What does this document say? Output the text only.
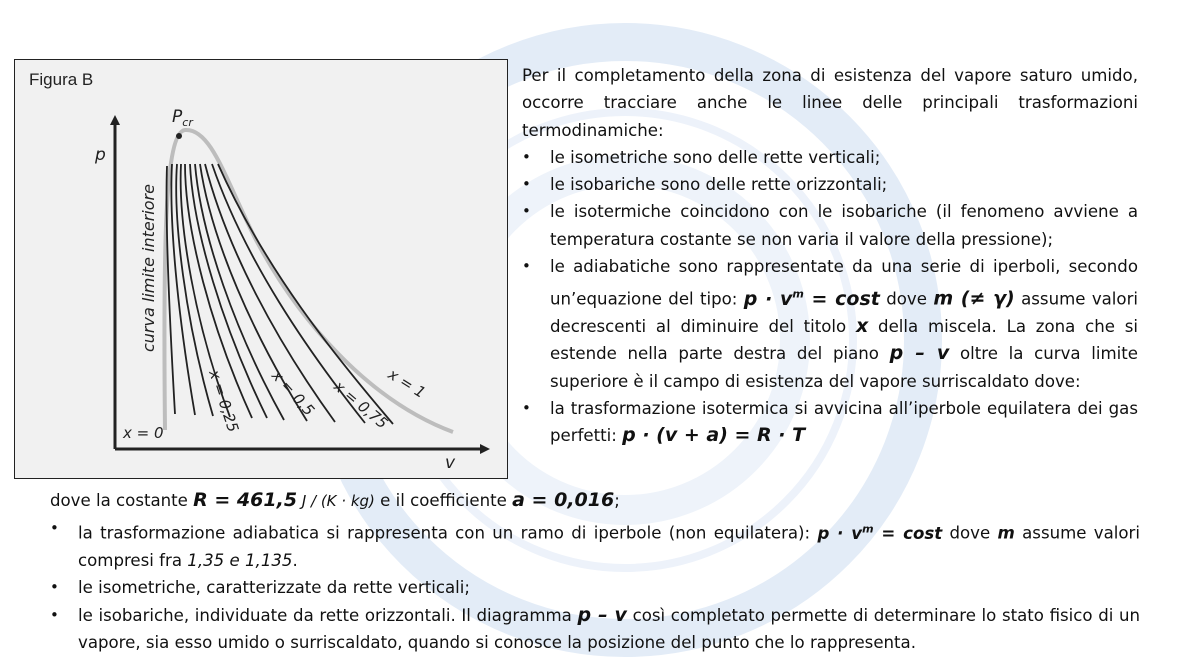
Figura B
$P_{cr}$
p
v
curva limite interiore
x = 0	x = 0,25 x = 0,5 x = 0,75
x = 1

Per il completamento della zona di esistenza del vapore saturo umido, occorre tracciare anche le linee delle principali trasformazioni termodinamiche:

• le isometriche sono delle rette verticali;
• le isobariche sono delle rette orizzontali;
• le isotermiche coincidono con le isobariche (il fenomeno avviene a temperatura costante se non varia il valore della pressione);
• le adiabatiche sono rappresentate da una serie di iperboli, secondo un’equazione del tipo: $p \cdot v^m = \cos t$ dove m (≠ γ) assume valori decrescenti al diminuire del titolo x della miscela. La zona che si estende nella parte destra del piano p – v oltre la curva limite superiore è il campo di esistenza del vapore surriscaldato dove:
• la trasformazione isotermica si avvicina all’iperbole equilatera dei gas perfetti: p · (v + a) = R · T

dove la costante R = 461,5 J / (K · kg) e il coefficiente a = 0,016;

• la trasformazione adiabatica si rappresenta con un ramo di iperbole (non equilatera): $p \cdot v^m = \cos t$ dove m assume valori compresi fra 1,35 e 1,135.
• le isometriche, caratterizzate da rette verticali;
• le isobariche, individuate da rette orizzontali. Il diagramma p – v così completato permette di determinare lo stato fisico di un vapore, sia esso umido o surriscaldato, quando si conosce la posizione del punto che lo rappresenta.
